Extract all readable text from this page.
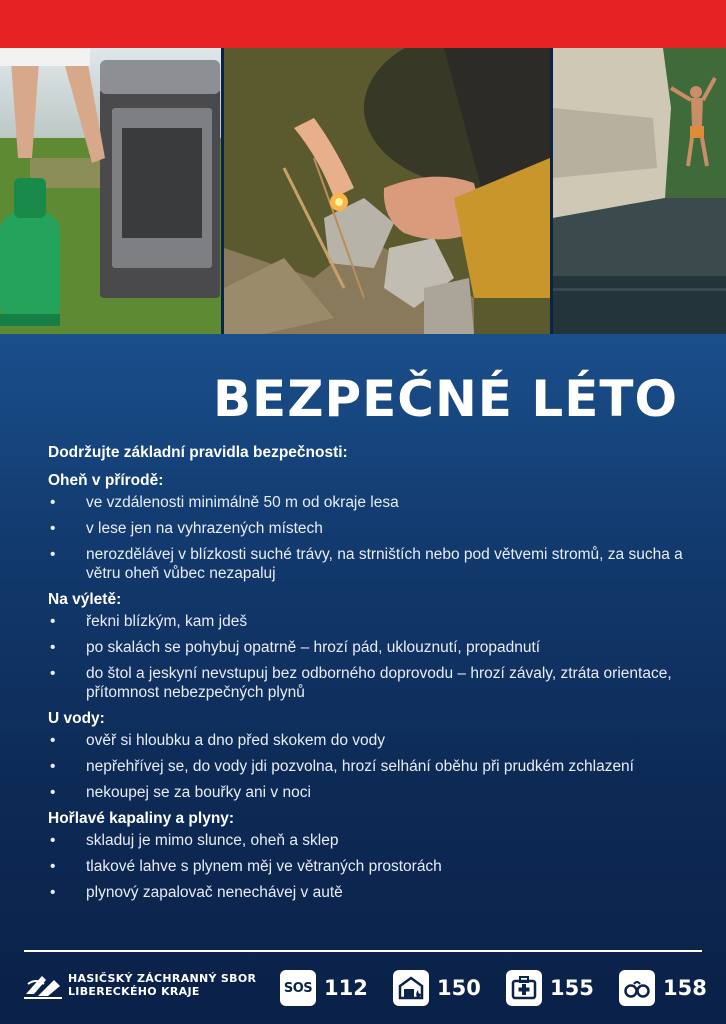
BEZPEČNÉ LÉTO
Dodržujte základní pravidla bezpečnosti:
Oheň v přírodě:
•	ve vzdálenosti minimálně 50 m od okraje lesa
•	v lese jen na vyhrazených místech
•	nerozdělávej v blízkosti suché trávy, na strništích nebo pod větvemi stromů, za sucha a větru oheň vůbec nezapaluj
Na výletě:
•	řekni blízkým, kam jdeš
•	po skalách se pohybuj opatrně – hrozí pád, uklouznutí, propadnutí
•	do štol a jeskyní nevstupuj bez odborného doprovodu – hrozí závaly, ztráta orientace, přítomnost nebezpečných plynů
U vody:
•	ověř si hloubku a dno před skokem do vody
•	nepřehřívej se, do vody jdi pozvolna, hrozí selhání oběhu při prudkém zchlazení
•	nekoupej se za bouřky ani v noci
Hořlavé kapaliny a plyny:
•	skladuj je mimo slunce, oheň a sklep
•	tlakové lahve s plynem měj ve větraných prostorách
•	plynový zapalovač nenechávej v autě
HASIČSKÝ ZÁCHRANNÝ SBOR
LIBERECKÉHO KRAJE	SOS 112	150	155	158
